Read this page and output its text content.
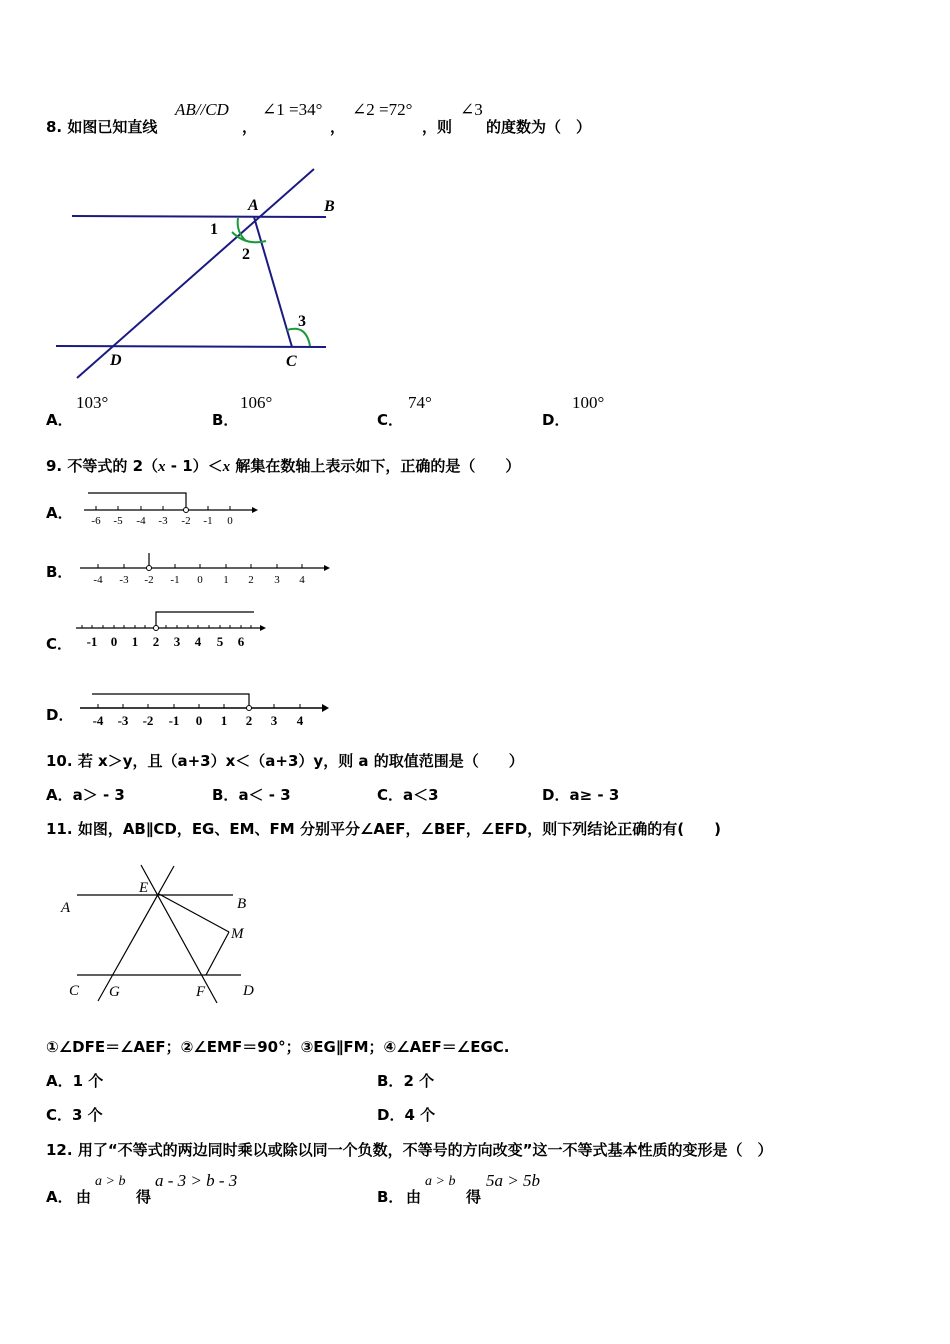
8. 如图已知直线
AB//CD
，
∠1 =34°
，
∠2 =72°
，则
∠3
的度数为（　）
A	B
C
D
1
2
3
A．
103°
B．
106°
C．
74°
D．
100°
9. 不等式的 2（x - 1）＜x 解集在数轴上表示如下，正确的是（　　）
A． -6 -5 -4 -3 -2 -1 0
B． -4 -3 -2 -1 0 1 2 3 4
C． -1 0 1 2 3 4 5 6
D． -4 -3 -2 -1 0 1 2 3 4
10. 若 x＞y，且（a+3）x＜（a+3）y，则 a 的取值范围是（　　）
A．a＞ - 3	B．a＜ - 3	C．a＜3	D．a≥ - 3
11. 如图，AB∥CD，EG、EM、FM 分别平分∠AEF，∠BEF，∠EFD，则下列结论正确的有(　　)
A	B
C	D
E
F
G
M
①∠DFE＝∠AEF；②∠EMF＝90°；③EG∥FM；④∠AEF＝∠EGC.
A．1 个	B．2 个
C．3 个	D．4 个
12. 用了“不等式的两边同时乘以或除以同一个负数，不等号的方向改变”这一不等式基本性质的变形是（　）
A． 由
a > b
得
a - 3 > b - 3
B． 由
a > b
得
5a > 5b
